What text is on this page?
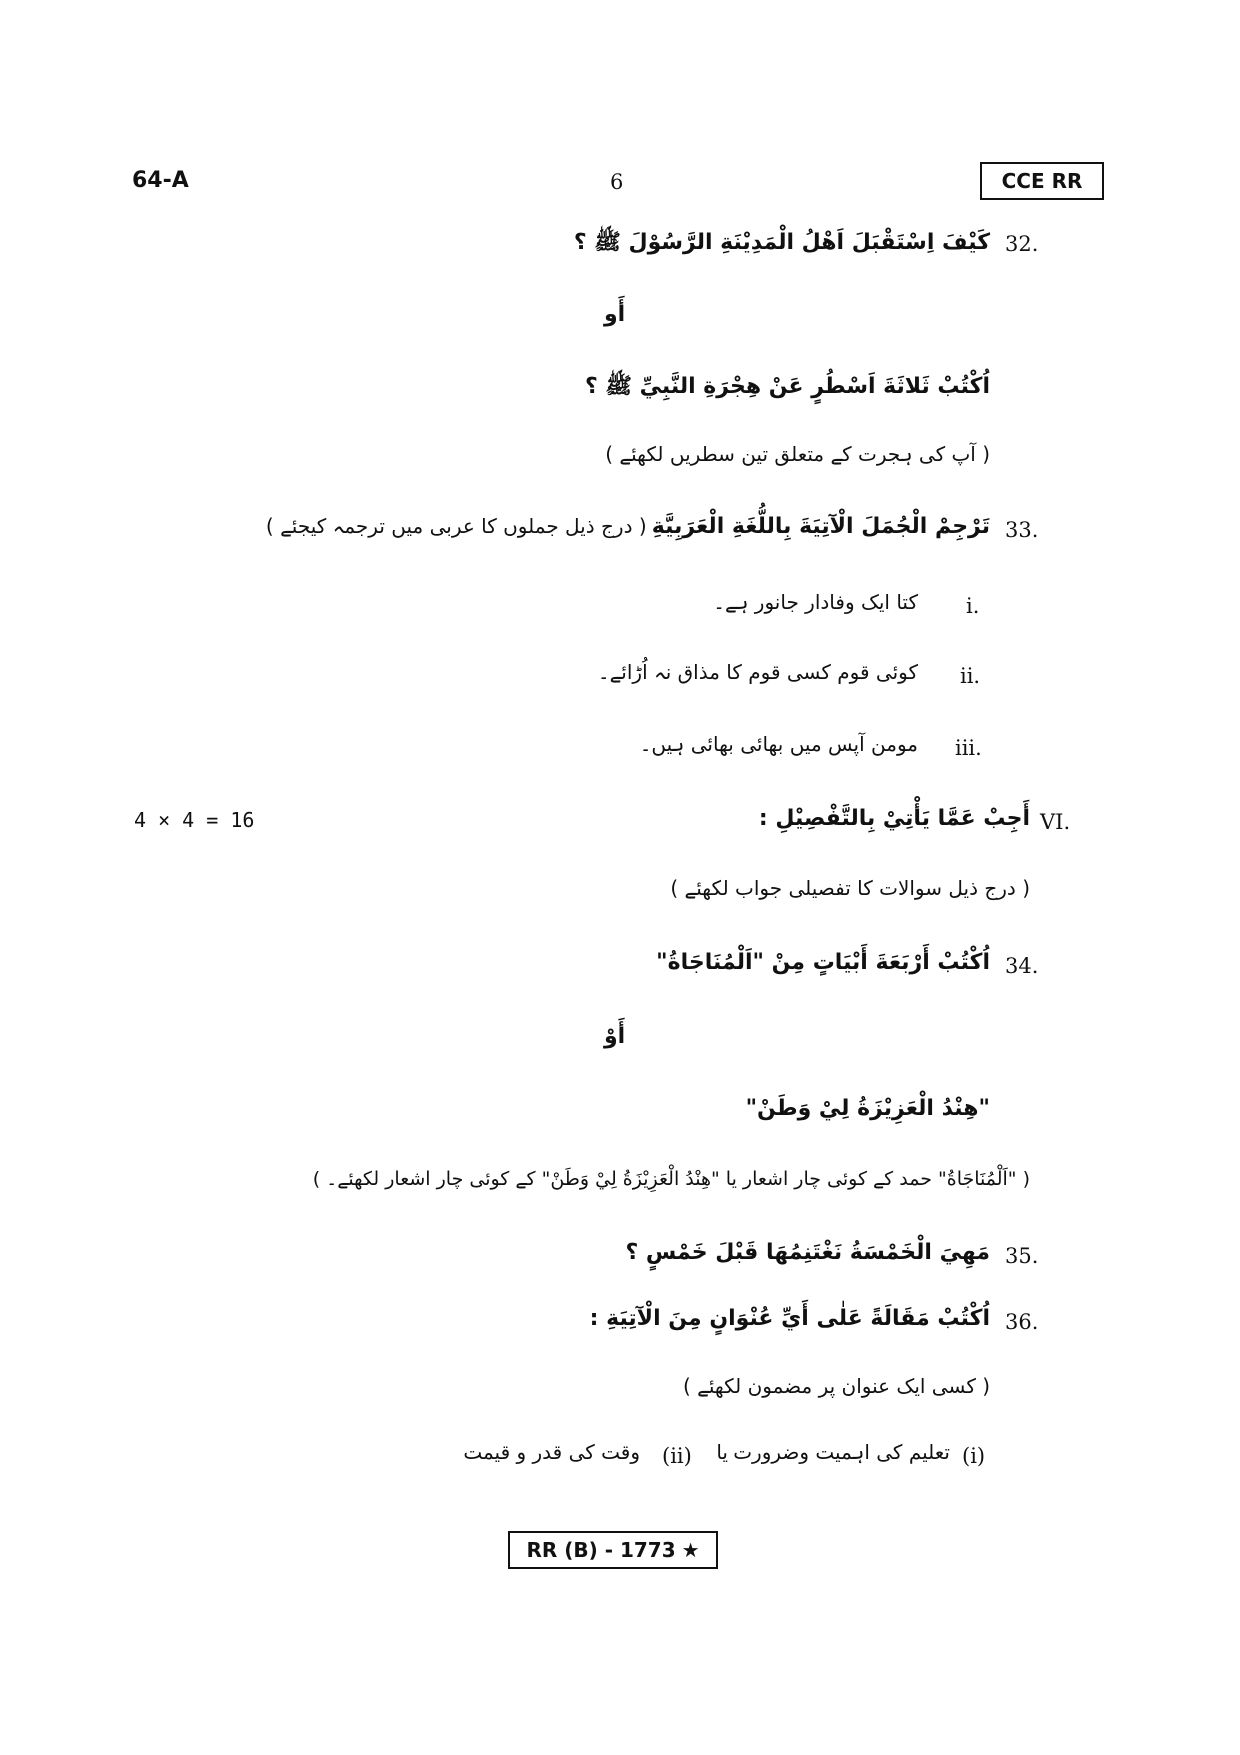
64-A	6	CCE RR
32.
كَيْفَ اِسْتَقْبَلَ اَهْلُ الْمَدِيْنَةِ الرَّسُوْلَ ﷺ ؟
أَو
اُكْتُبْ ثَلاثَةَ اَسْطُرٍ عَنْ هِجْرَةِ النَّبِيِّ ﷺ ؟
( آپ کی ہجرت کے متعلق تین سطریں لکھئے )
33.
تَرْجِمْ الْجُمَلَ الْآتِيَةَ بِاللُّغَةِ الْعَرَبِيَّةِ ( درج ذیل جملوں کا عربی میں ترجمہ کیجئے )
i.
کتا ایک وفادار جانور ہے۔
ii.
کوئی قوم کسی قوم کا مذاق نہ اُڑائے۔
iii.
مومن آپس میں بھائی بھائی ہیں۔
4 × 4 = 16	VI.
أَجِبْ عَمَّا يَأْتِيْ بِالتَّفْصِيْلِ :
( درج ذیل سوالات کا تفصیلی جواب لکھئے )
34.
اُكْتُبْ أَرْبَعَةَ أَبْيَاتٍ مِنْ "اَلْمُنَاجَاةُ"
أَوْ
"هِنْدُ الْعَزِيْزَةُ لِيْ وَطَنْ"
( "اَلْمُنَاجَاةُ" حمد کے کوئی چار اشعار یا "هِنْدُ الْعَزِيْزَةُ لِيْ وَطَنْ" کے کوئی چار اشعار لکھئے۔ )
35.
مَهِيَ الْخَمْسَةُ نَغْتَنِمُهَا قَبْلَ خَمْسٍ ؟
36.
اُكْتُبْ مَقَالَةً عَلٰى أَيِّ عُنْوَانٍ مِنَ الْآتِيَةِ :
( کسی ایک عنوان پر مضمون لکھئے )
(i)
تعلیم کی اہمیت وضرورت
یا
(ii)
وقت کی قدر و قیمت
RR (B) - 1773 ★
